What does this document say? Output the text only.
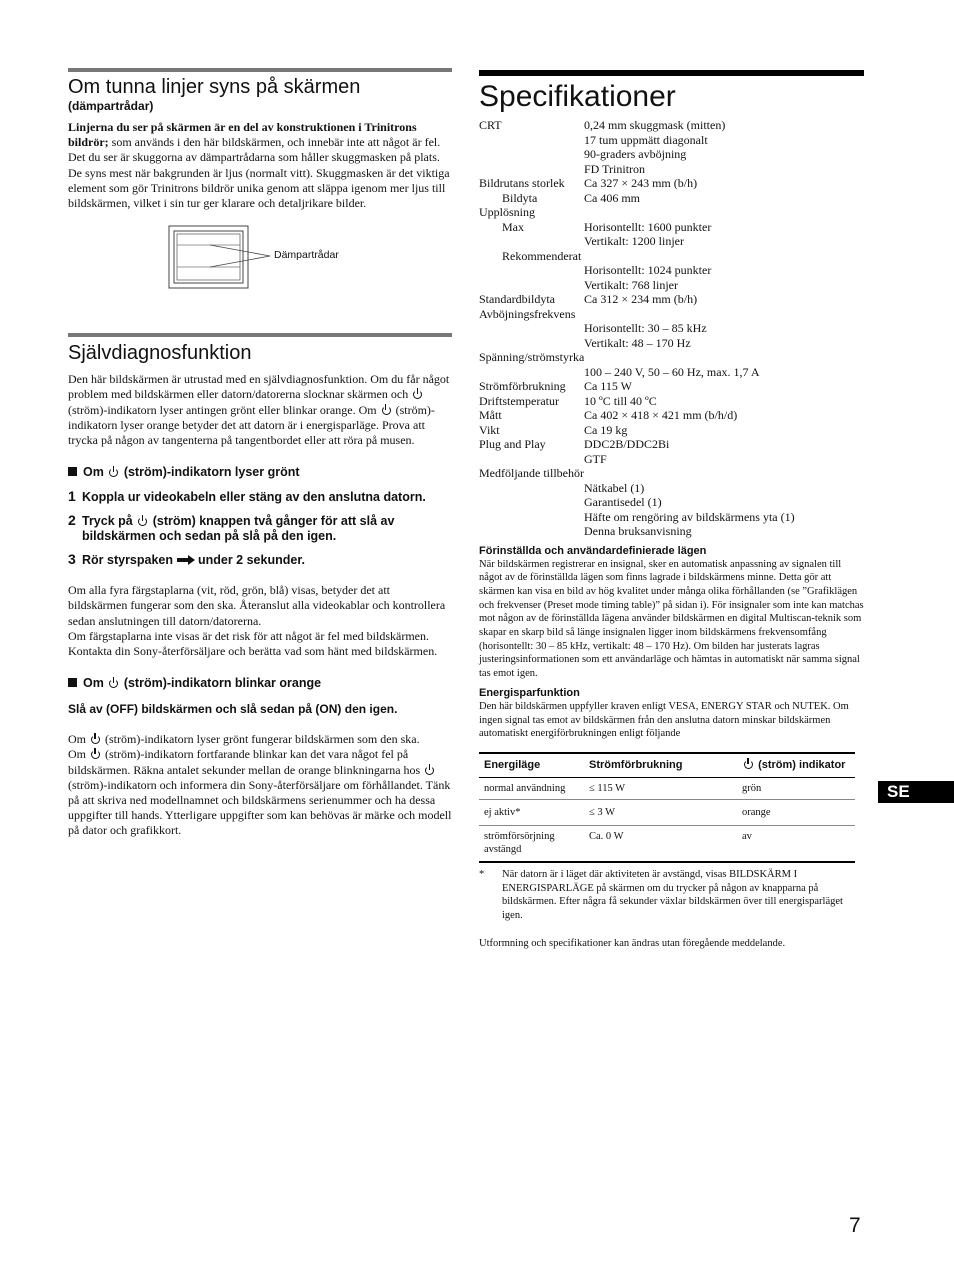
Om tunna linjer syns på skärmen

(dämpartrådar)

Linjerna du ser på skärmen är en del av konstruktionen i Trinitrons bildrör; som används i den här bildskärmen, och innebär inte att något är fel. Det du ser är skuggorna av dämpartrådarna som håller skuggmasken på plats. De syns mest när bakgrunden är ljus (normalt vitt). Skuggmasken är det viktiga element som gör Trinitrons bildrör unika genom att släppa igenom mer ljus till bildskärmen, vilket i sin tur ger klarare och detaljrikare bilder.

Dämpartrådar
Självdiagnosfunktion

Den här bildskärmen är utrustad med en självdiagnosfunktion. Om du får något problem med bildskärmen eller datorn/datorerna slocknar skärmen och  (ström)-indikatorn lyser antingen grönt eller blinkar orange. Om (ström)-indikatorn lyser orange betyder det att datorn är i energisparläge. Prova att trycka på någon av tangenterna på tangentbordet eller att röra på musen.

Om (ström)-indikatorn lyser grönt

1 Koppla ur videokabeln eller stäng av den anslutna datorn.

2 Tryck på (ström) knappen två gånger för att slå av bildskärmen och sedan på slå på den igen.

3 Rör styrspaken under 2 sekunder.

Om alla fyra färgstaplarna (vit, röd, grön, blå) visas, betyder det att bildskärmen fungerar som den ska. Återanslut alla videokablar och kontrollera sedan anslutningen till datorn/datorerna.

Om färgstaplarna inte visas är det risk för att något är fel med bildskärmen. Kontakta din Sony-återförsäljare och berätta vad som hänt med bildskärmen.

Om (ström)-indikatorn blinkar orange

Slå av (OFF) bildskärmen och slå sedan på (ON) den igen.

Om (ström)-indikatorn lyser grönt fungerar bildskärmen som den ska.

Om (ström)-indikatorn fortfarande blinkar kan det vara något fel på bildskärmen. Räkna antalet sekunder mellan de orange blinkningarna hos  (ström)-indikatorn och informera din Sony-återförsäljare om förhållandet. Tänk på att skriva ned modellnamnet och bildskärmens serienummer och ha dessa uppgifter till hands. Ytterligare uppgifter som kan behövas är märke och modell på dator och grafikkort.

Specifikationer
CRT	0,24 mm skuggmask (mitten)
17 tum uppmätt diagonalt
90-graders avböjning
FD Trinitron
Bildrutans storlek Ca 327 × 243 mm (b/h)
Bildyta	Ca 406 mm
Upplösning
Max	Horisontellt: 1600 punkter
Vertikalt: 1200 linjer
Rekommenderat
Horisontellt: 1024 punkter
Vertikalt: 768 linjer
Standardbildyta Ca 312 × 234 mm (b/h)
Avböjningsfrekvens
Horisontellt: 30 – 85 kHz
Vertikalt: 48 – 170 Hz
Spänning/strömstyrka
100 – 240 V, 50 – 60 Hz, max. 1,7 A
Strömförbrukning Ca 115 W
Driftstemperatur 10 ºC till 40 ºC
Mått	Ca 402 × 418 × 421 mm (b/h/d)
Vikt	Ca 19 kg
Plug and Play	DDC2B/DDC2Bi
GTF
Medföljande tillbehör
Nätkabel (1)
Garantisedel (1)
Häfte om rengöring av bildskärmens yta (1)
Denna bruksanvisning

Förinställda och användardefinierade lägen

När bildskärmen registrerar en insignal, sker en automatisk anpassning av signalen till något av de förinställda lägen som finns lagrade i bildskärmens minne. Detta gör att skärmen kan visa en bild av hög kvalitet under många olika förhållanden (se ”Grafiklägen och frekvenser (Preset mode timing table)” på sidan i). För insignaler som inte kan matchas mot någon av de förinställda lägena använder bildskärmen en digital Multiscan-teknik som skapar en skarp bild så länge insignalen ligger inom bildskärmens frekvensomfång (horisontellt: 30 – 85 kHz, vertikalt: 48 – 170 Hz). Om bilden har justerats lagras justeringsinformationen som ett användarläge och hämtas in automatiskt när samma signal tas emot igen.

Energisparfunktion

Den här bildskärmen uppfyller kraven enligt VESA, ENERGY STAR och NUTEK. Om ingen signal tas emot av bildskärmen från den anslutna datorn minskar bildskärmen automatiskt energiförbrukningen enligt följande

Energiläge	Strömförbrukning	(ström) indikator
normal användning	≤ 115 W	grön
ej aktiv*	≤ 3 W	orange
strömförsörjning avstängd	Ca. 0 W	av
* När datorn är i läget där aktiviteten är avstängd, visas BILDSKÄRM I ENERGISPARLÄGE på skärmen om du trycker på någon av knapparna på bildskärmen. Efter några få sekunder växlar bildskärmen över till energisparläget igen.

Utformning och specifikationer kan ändras utan föregående meddelande.

SE
7
